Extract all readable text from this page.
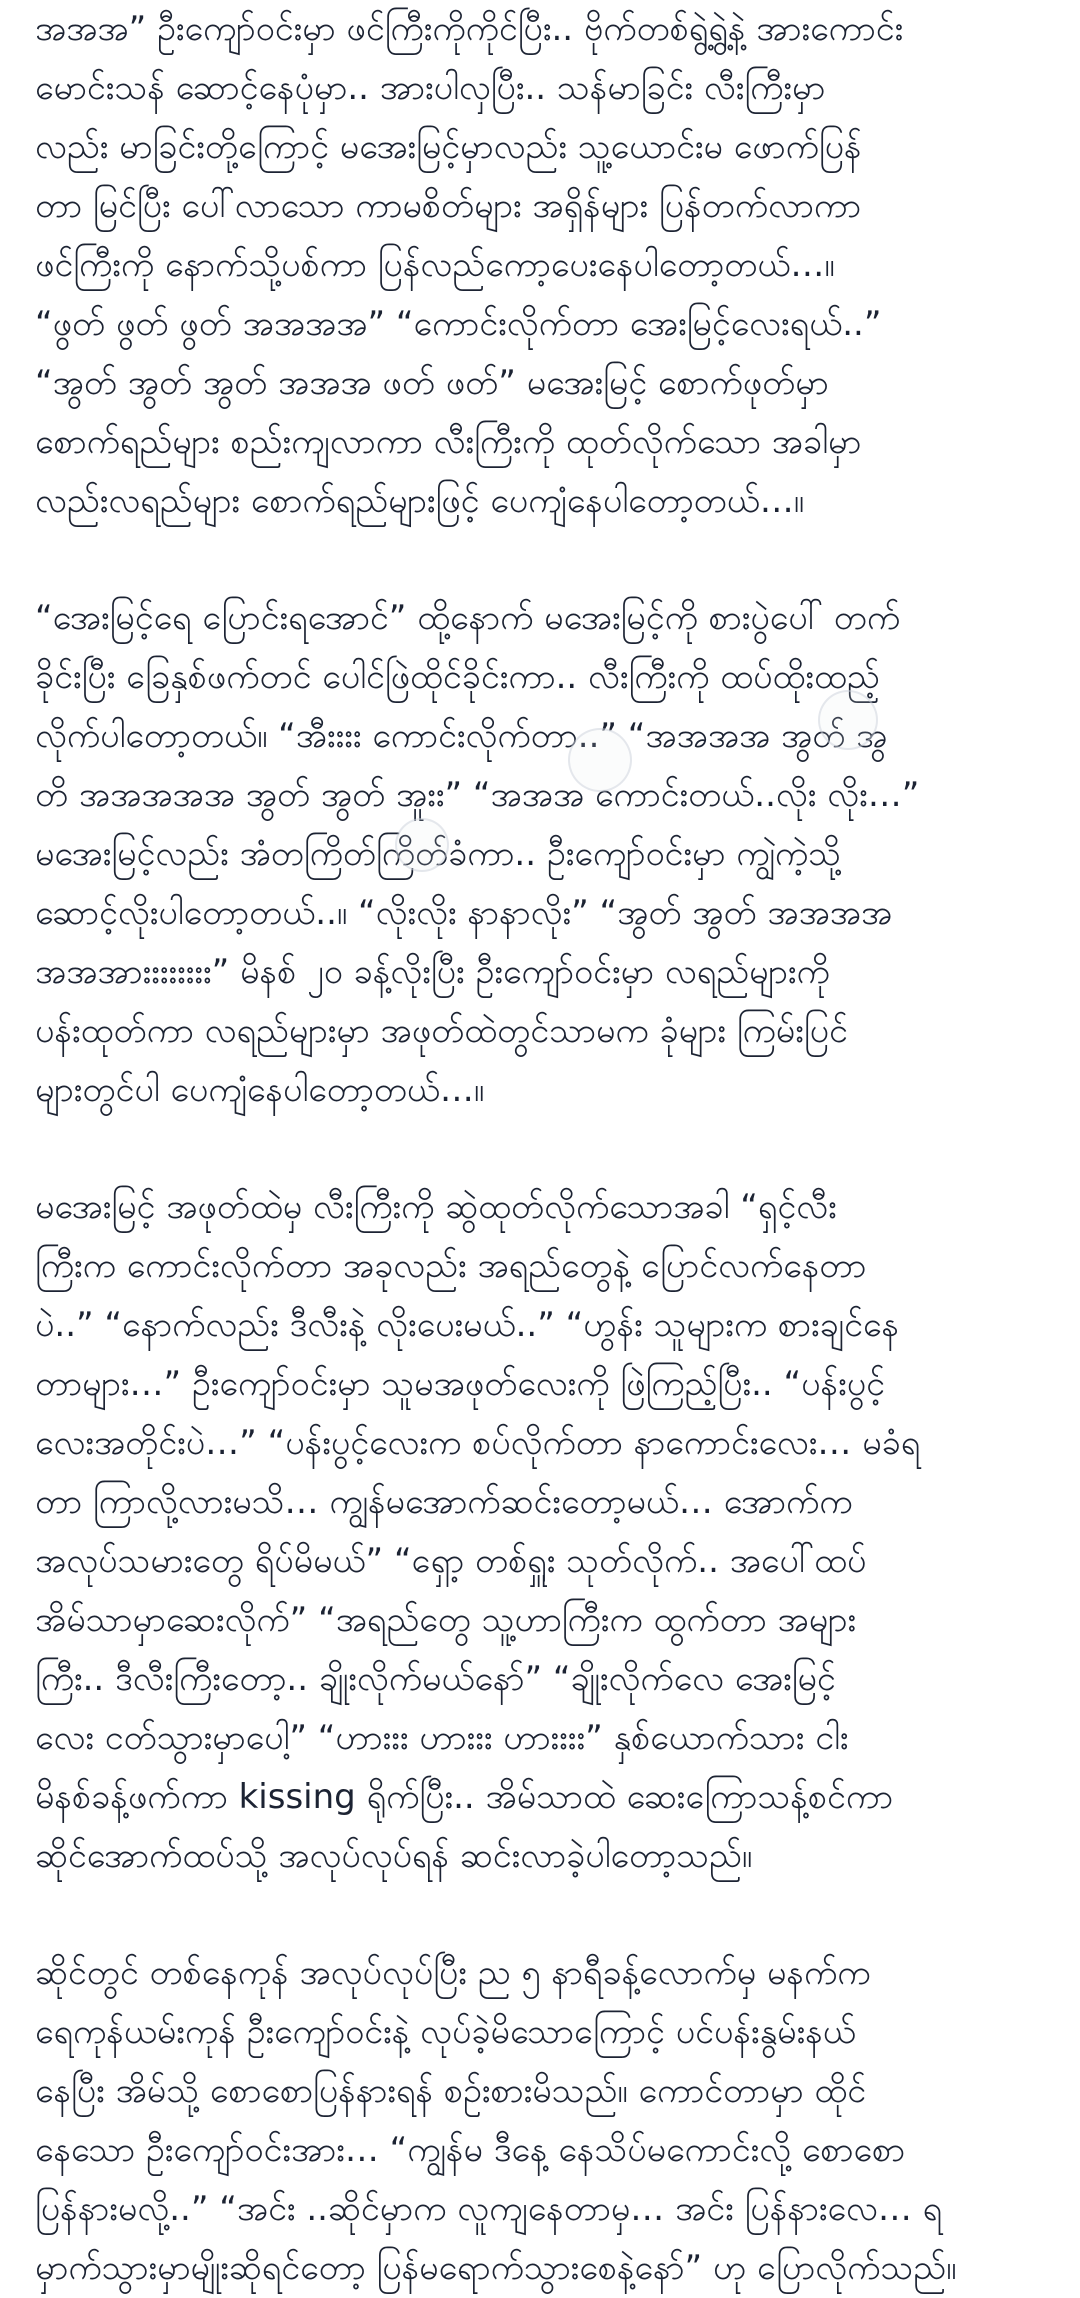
အအအ” ဦးကျော်ဝင်းမှာ ဖင်ကြီးကိုကိုင်ပြီး.. ဗိုက်တစ်ရွဲ့ရွဲ့နဲ့ အားကောင်း
မောင်းသန် ဆောင့်နေပုံမှာ.. အားပါလှပြီး.. သန်မာခြင်း လီးကြီးမှာ
လည်း မာခြင်းတို့ကြောင့် မအေးမြင့်မှာလည်း သူ့ယောင်းမ ဖောက်ပြန်
တာ မြင်ပြီး ပေါ်လာသော ကာမစိတ်များ အရှိန်များ ပြန်တက်လာကာ
ဖင်ကြီးကို နောက်သို့ပစ်ကာ ပြန်လည်ကော့ပေးနေပါတော့တယ်…။
“ဖွတ် ဖွတ် ဖွတ် အအအအ” “ကောင်းလိုက်တာ အေးမြင့်လေးရယ်..”
“အွတ် အွတ် အွတ် အအအ ဖတ် ဖတ်” မအေးမြင့် စောက်ဖုတ်မှာ
စောက်ရည်များ စည်းကျလာကာ လီးကြီးကို ထုတ်လိုက်သော အခါမှာ
လည်းလရည်များ စောက်ရည်များဖြင့် ပေကျံနေပါတော့တယ်…။
“အေးမြင့်ရေ ပြောင်းရအောင်” ထို့နောက် မအေးမြင့်ကို စားပွဲပေါ် တက်
ခိုင်းပြီး ခြေနှစ်ဖက်တင် ပေါင်ဖြဲထိုင်ခိုင်းကာ.. လီးကြီးကို ထပ်ထိုးထည့်
လိုက်ပါတော့တယ်။ “အီးးးး ကောင်းလိုက်တာ..” “အအအအ အွတ် အွ
တိ အအအအအ အွတ် အွတ် အူးး” “အအအ ကောင်းတယ်..လိုး လိုး…”
မအေးမြင့်လည်း အံတကြိတ်ကြိတ်ခံကာ.. ဦးကျော်ဝင်းမှာ ကျွဲကဲ့သို့
ဆောင့်လိုးပါတော့တယ်..။ “လိုးလိုး နာနာလိုး” “အွတ် အွတ် အအအအ
အအအားးးးးးးး” မိနစ် ၂၀ ခန့်လိုးပြီး ဦးကျော်ဝင်းမှာ လရည်များကို
ပန်းထုတ်ကာ လရည်များမှာ အဖုတ်ထဲတွင်သာမက ခုံများ ကြမ်းပြင်
များတွင်ပါ ပေကျံနေပါတော့တယ်…။
မအေးမြင့် အဖုတ်ထဲမှ လီးကြီးကို ဆွဲထုတ်လိုက်သောအခါ “ရှင့်လီး
ကြီးက ကောင်းလိုက်တာ အခုလည်း အရည်တွေနဲ့ ပြောင်လက်နေတာ
ပဲ..” “နောက်လည်း ဒီလီးနဲ့ လိုးပေးမယ်..” “ဟွန်း သူများက စားချင်နေ
တာများ…” ဦးကျော်ဝင်းမှာ သူမအဖုတ်လေးကို ဖြဲကြည့်ပြီး.. “ပန်းပွင့်
လေးအတိုင်းပဲ…” “ပန်းပွင့်လေးက စပ်လိုက်တာ နာကောင်းလေး… မခံရ
တာ ကြာလို့လားမသိ… ကျွန်မအောက်ဆင်းတော့မယ်… အောက်က
အလုပ်သမားတွေ ရိပ်မိမယ်” “ရှော့ တစ်ရှူး သုတ်လိုက်.. အပေါ်ထပ်
အိမ်သာမှာဆေးလိုက်” “အရည်တွေ သူ့ဟာကြီးက ထွက်တာ အများ
ကြီး.. ဒီလီးကြီးတော့.. ချိုးလိုက်မယ်နော်” “ချိုးလိုက်လေ အေးမြင့်
လေး ငတ်သွားမှာပေါ့” “ဟားးး ဟားးး ဟားးးး” နှစ်ယောက်သား ငါး
မိနစ်ခန့်ဖက်ကာ kissing ရိုက်ပြီး.. အိမ်သာထဲ ဆေးကြောသန့်စင်ကာ
ဆိုင်အောက်ထပ်သို့ အလုပ်လုပ်ရန် ဆင်းလာခဲ့ပါတော့သည်။
ဆိုင်တွင် တစ်နေကုန် အလုပ်လုပ်ပြီး ည ၅ နာရီခန့်လောက်မှ မနက်က
ရေကုန်ယမ်းကုန် ဦးကျော်ဝင်းနဲ့ လုပ်ခဲ့မိသောကြောင့် ပင်ပန်းနွမ်းနယ်
နေပြီး အိမ်သို့ စောစောပြန်နားရန် စဉ်းစားမိသည်။ ကောင်တာမှာ ထိုင်
နေသော ဦးကျော်ဝင်းအား… “ကျွန်မ ဒီနေ့ နေသိပ်မကောင်းလို့ စောစော
ပြန်နားမလို့..” “အင်း ..ဆိုင်မှာက လူကျနေတာမှ… အင်း ပြန်နားလေ… ရ
မှာက်သွားမှာမျိုးဆိုရင်တော့ ပြန်မရောက်သွားစေနဲ့နော်” ဟု ပြောလိုက်သည်။
